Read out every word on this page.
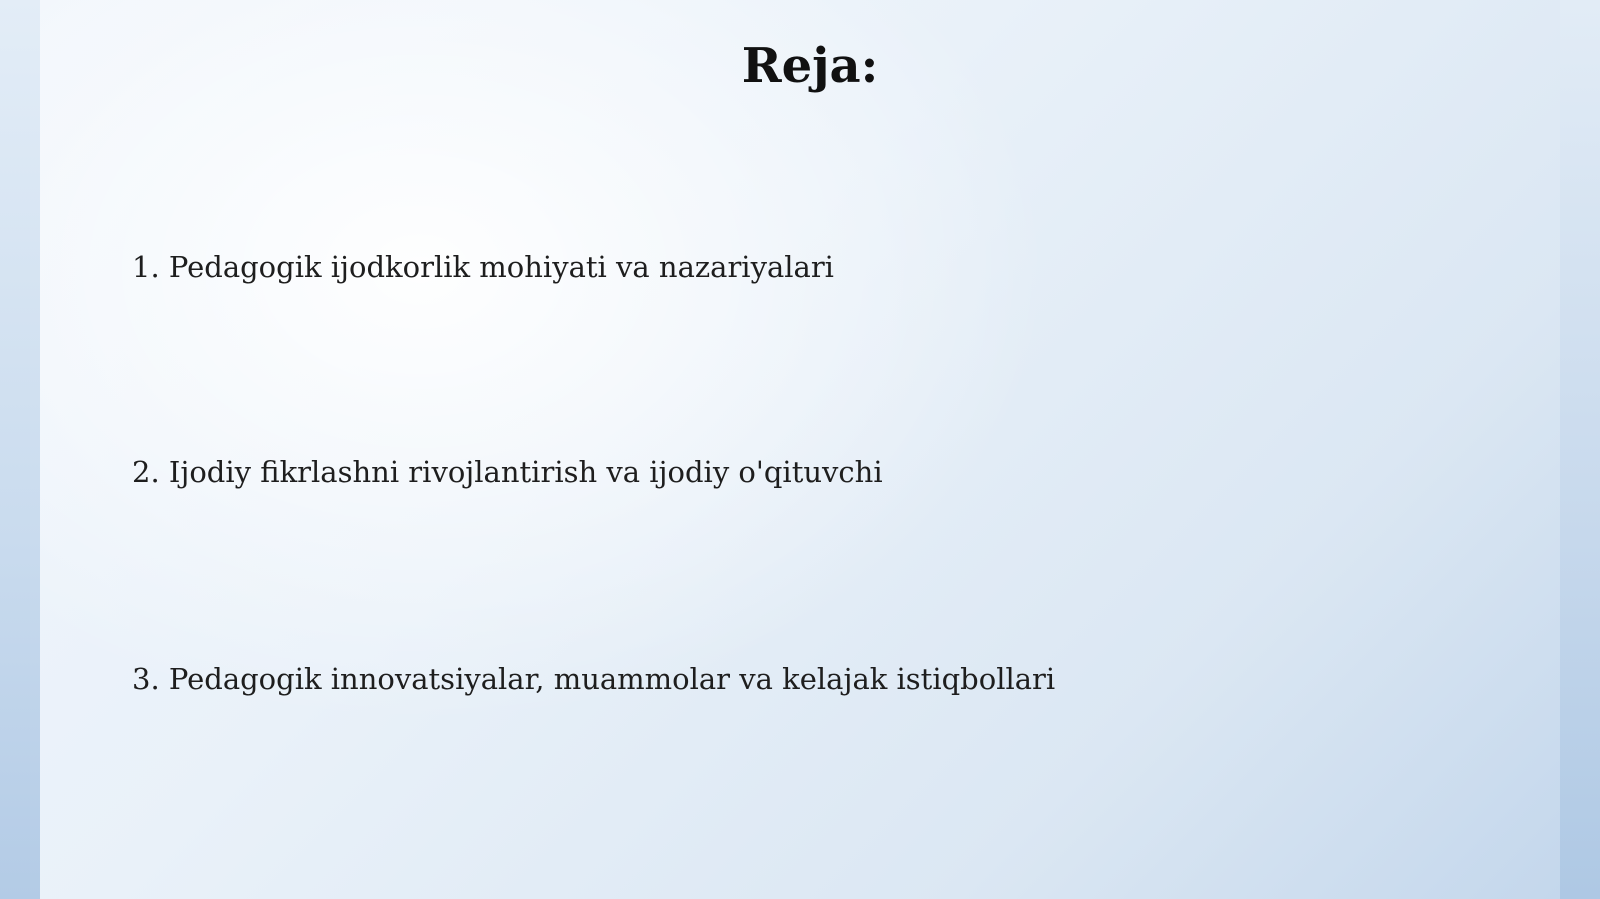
Reja:
1. Pedagogik ijodkorlik mohiyati va nazariyalari
2. Ijodiy fikrlashni rivojlantirish va ijodiy o'qituvchi
3. Pedagogik innovatsiyalar, muammolar va kelajak istiqbollari
